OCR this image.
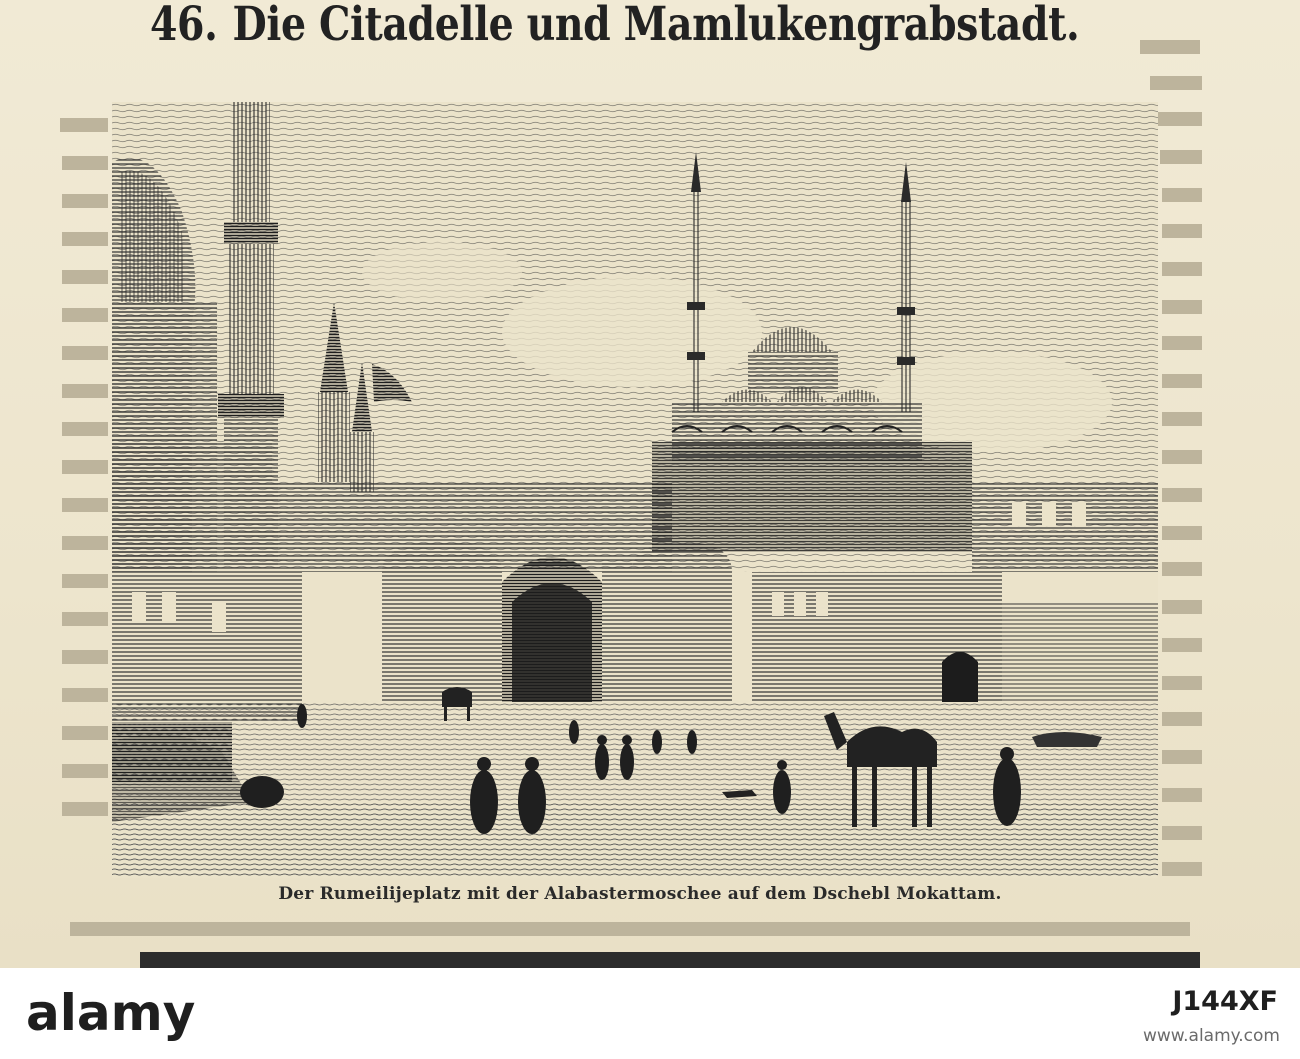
46. Die Citadelle und Mamlukengrabstadt.
Der Rumeilijeplatz mit der Alabastermoschee auf dem Dschebl Mokattam.
alamy	J144XF
www.alamy.com
